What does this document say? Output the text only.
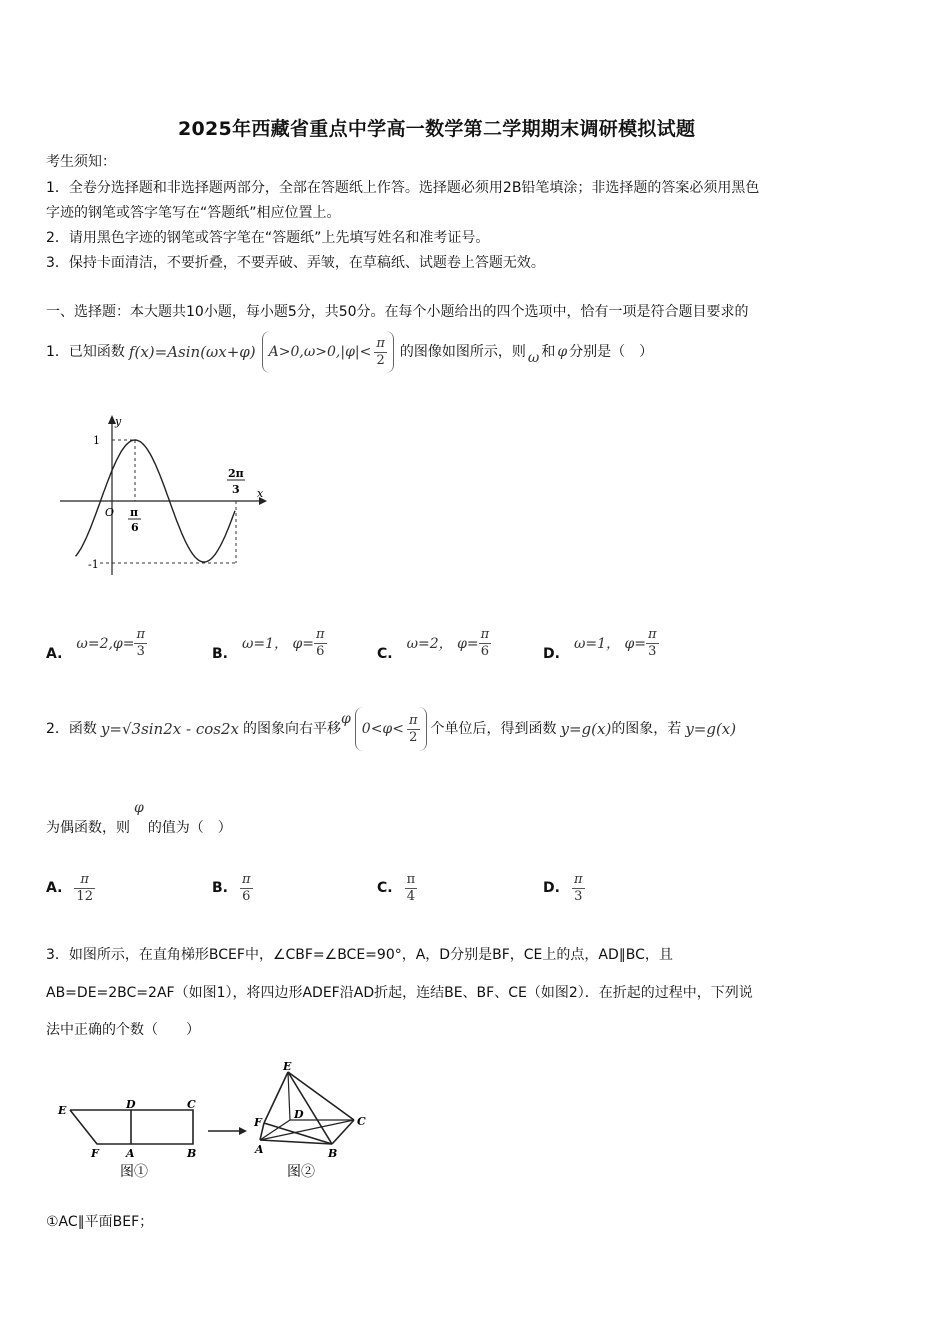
2025年西藏省重点中学高一数学第二学期期末调研模拟试题
考生须知：
1．全卷分选择题和非选择题两部分，全部在答题纸上作答。选择题必须用2B铅笔填涂；非选择题的答案必须用黑色
字迹的钢笔或答字笔写在“答题纸”相应位置上。
2．请用黑色字迹的钢笔或答字笔在“答题纸”上先填写姓名和准考证号。
3．保持卡面清洁，不要折叠，不要弄破、弄皱，在草稿纸、试题卷上答题无效。
一、选择题：本大题共10小题，每小题5分，共50分。在每个小题给出的四个选项中，恰有一项是符合题目要求的
1．已知函数 f(x)=Asin(ωx+φ) $A>0,\omega>0,|\varphi|< \frac{\pi}{2}$ 的图像如图所示，则 ω 和 φ 分别是（　）
y
x
O
1
-1
π
6
2π
3
A.
$\omega=2,\varphi= \frac{\pi}{3}$	B.
ω=1， $\varphi= \frac{\pi}{6}$	C.
ω=2， $\varphi= \frac{\pi}{6}$	D.
ω=1， $\varphi= \frac{\pi}{3}$
2．函数 y=√3sin2x - cos2x 的图象向右平移
φ
$0<\varphi< \frac{\pi}{2}$ 个单位后，得到函数 y=g(x) 的图象，若 y=g(x)
为偶函数，则
φ
的值为（　）
A. $\frac{\pi}{12}$	B. $\frac{\pi}{6}$	C. $\frac{\pi}{4}$	D. $\frac{\pi}{3}$
3．如图所示，在直角梯形BCEF中，∠CBF=∠BCE=90°，A，D分别是BF，CE上的点，AD∥BC，且
AB=DE=2BC=2AF（如图1），将四边形ADEF沿AD折起，连结BE、BF、CE（如图2）．在折起的过程中，下列说
法中正确的个数（　　）
E	D	C
F A	B
图①
E
D
C
F
A	B
图②
①AC∥平面BEF；
